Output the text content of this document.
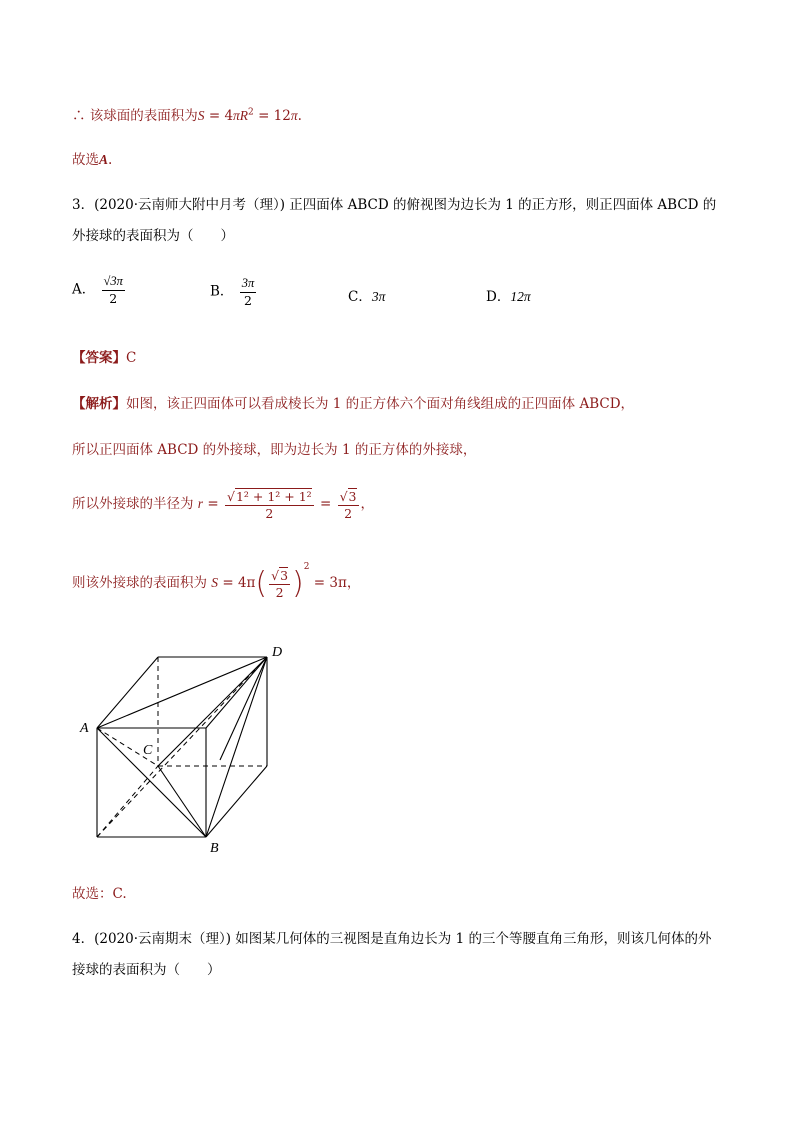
∴ 该球面的表面积为$S = 4\pi R^2 = 12\pi$.
故选A.
3．(2020·云南师大附中月考（理）) 正四面体 ABCD 的俯视图为边长为 1 的正方形，则正四面体 ABCD 的
外接球的表面积为（　　）
A． $\frac{√3\pi}{2}$	B． $\frac{3\pi}{2}$	C．3π	D．12π
【答案】C
【解析】如图，该正四面体可以看成棱长为 1 的正方体六个面对角线组成的正四面体 ABCD，
所以正四面体 ABCD 的外接球，即为边长为 1 的正方体的外接球，
所以外接球的半径为 $r = \frac{\text{√1² + 1² + 1²}}{2} = \frac{√3}{2}$ ，
则该外接球的表面积为 $S = 4\pi( \frac{√3}{2} )^2 = 3\pi$，
A
B
C
D
故选：C.
4．(2020·云南期末（理）) 如图某几何体的三视图是直角边长为 1 的三个等腰直角三角形，则该几何体的外
接球的表面积为（　　）
